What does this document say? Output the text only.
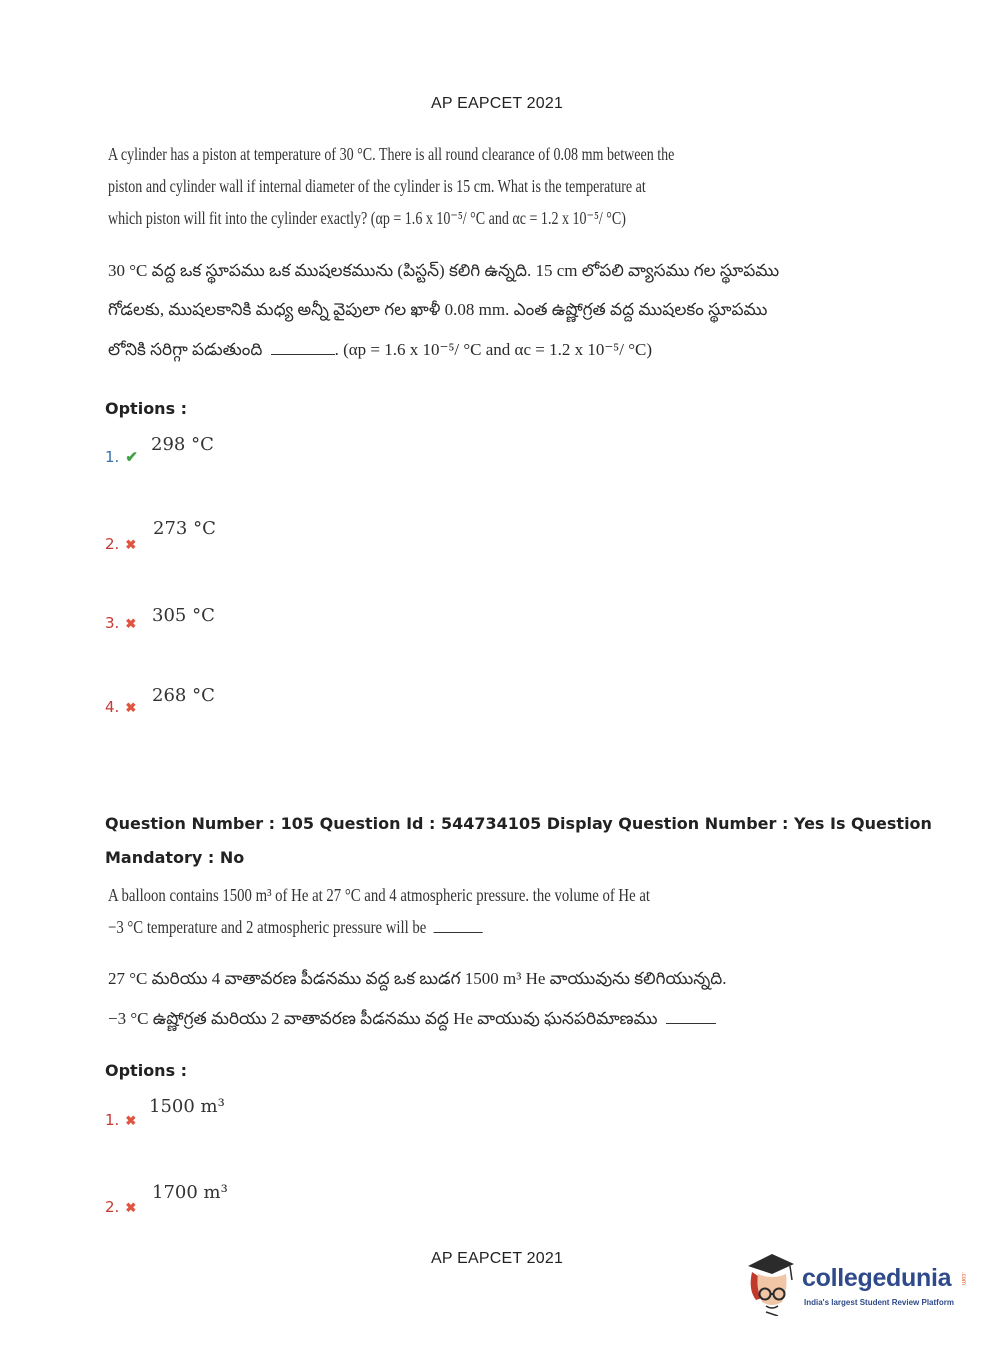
AP EAPCET 2021
A cylinder has a piston at temperature of 30 °C. There is all round clearance of 0.08 mm between the
piston and cylinder wall if internal diameter of the cylinder is 15 cm. What is the temperature at
which piston will fit into the cylinder exactly? (αp = 1.6 x 10⁻⁵/ °C and αc = 1.2 x 10⁻⁵/ °C)
30 °C వద్ద ఒక స్థూపము ఒక ముషలకమును (పిస్టన్) కలిగి ఉన్నది. 15 cm లోపలి వ్యాసము గల స్థూపము
గోడలకు, ముషలకానికి మధ్య అన్నీ వైపులా గల ఖాళీ 0.08 mm. ఎంత ఉష్ణోగ్రత వద్ద ముషలకం స్థూపము
లోనికి సరిగ్గా పడుతుంది	. (αp = 1.6 x 10⁻⁵/ °C and αc = 1.2 x 10⁻⁵/ °C)
Options :
1. ✔
298 °C
2. ✖
273 °C
3. ✖ 305 °C
4. ✖
268 °C
Question Number : 105 Question Id : 544734105 Display Question Number : Yes Is Question
Mandatory : No
A balloon contains 1500 m³ of He at 27 °C and 4 atmospheric pressure. the volume of He at
−3 °C temperature and 2 atmospheric pressure will be
27 °C మరియు 4 వాతావరణ పీడనము వద్ద ఒక బుడగ 1500 m³ He వాయువును కలిగియున్నది.
−3 °C ఉష్ణోగ్రత మరియు 2 వాతావరణ పీడనము వద్ద He వాయువు ఘనపరిమాణము
Options :
1. ✖
1500 m³
2. ✖
1700 m³
AP EAPCET 2021
collegedunia .com
India's largest Student Review Platform
